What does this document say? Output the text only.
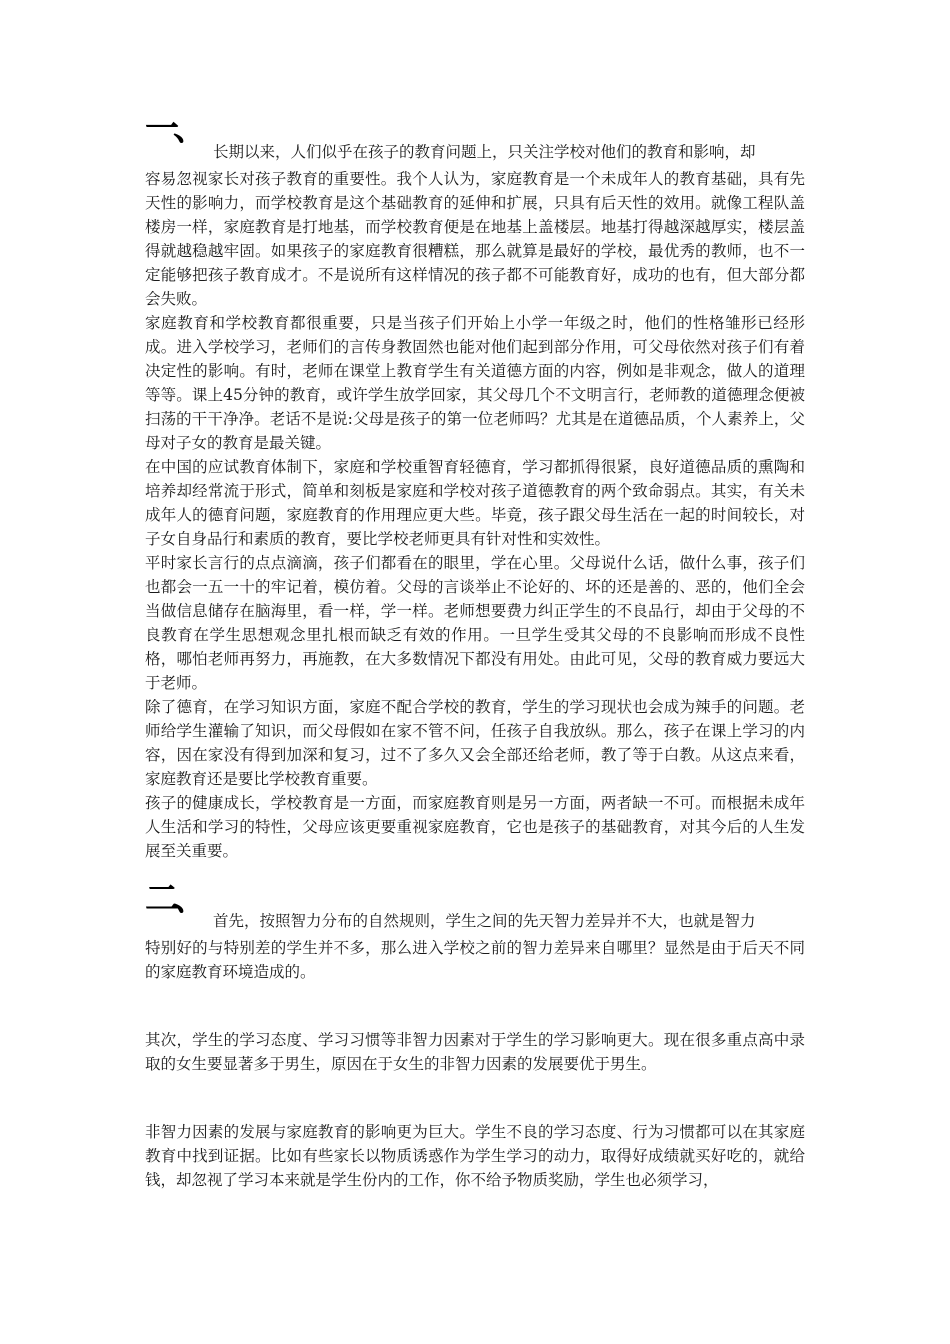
一、

长期以来，人们似乎在孩子的教育问题上，只关注学校对他们的教育和影响，却

容易忽视家长对孩子教育的重要性。我个人认为，家庭教育是一个未成年人的教育基础，具有先天性的影响力，而学校教育是这个基础教育的延伸和扩展，只具有后天性的效用。就像工程队盖楼房一样，家庭教育是打地基，而学校教育便是在地基上盖楼层。地基打得越深越厚实，楼层盖得就越稳越牢固。如果孩子的家庭教育很糟糕，那么就算是最好的学校，最优秀的教师，也不一定能够把孩子教育成才。不是说所有这样情况的孩子都不可能教育好，成功的也有，但大部分都会失败。

家庭教育和学校教育都很重要，只是当孩子们开始上小学一年级之时，他们的性格雏形已经形成。进入学校学习，老师们的言传身教固然也能对他们起到部分作用，可父母依然对孩子们有着决定性的影响。有时，老师在课堂上教育学生有关道德方面的内容，例如是非观念，做人的道理等等。课上45分钟的教育，或许学生放学回家，其父母几个不文明言行，老师教的道德理念便被扫荡的干干净净。老话不是说:父母是孩子的第一位老师吗？尤其是在道德品质，个人素养上，父母对子女的教育是最关键。

在中国的应试教育体制下，家庭和学校重智育轻德育，学习都抓得很紧，良好道德品质的熏陶和培养却经常流于形式，简单和刻板是家庭和学校对孩子道德教育的两个致命弱点。其实，有关未成年人的德育问题，家庭教育的作用理应更大些。毕竟，孩子跟父母生活在一起的时间较长，对子女自身品行和素质的教育，要比学校老师更具有针对性和实效性。

平时家长言行的点点滴滴，孩子们都看在的眼里，学在心里。父母说什么话，做什么事，孩子们也都会一五一十的牢记着，模仿着。父母的言谈举止不论好的、坏的还是善的、恶的，他们全会当做信息储存在脑海里，看一样，学一样。老师想要费力纠正学生的不良品行，却由于父母的不良教育在学生思想观念里扎根而缺乏有效的作用。一旦学生受其父母的不良影响而形成不良性格，哪怕老师再努力，再施教，在大多数情况下都没有用处。由此可见，父母的教育威力要远大于老师。

除了德育，在学习知识方面，家庭不配合学校的教育，学生的学习现状也会成为辣手的问题。老师给学生灌输了知识，而父母假如在家不管不问，任孩子自我放纵。那么，孩子在课上学习的内容，因在家没有得到加深和复习，过不了多久又会全部还给老师，教了等于白教。从这点来看，家庭教育还是要比学校教育重要。

孩子的健康成长，学校教育是一方面，而家庭教育则是另一方面，两者缺一不可。而根据未成年人生活和学习的特性，父母应该更要重视家庭教育，它也是孩子的基础教育，对其今后的人生发展至关重要。

二、

首先，按照智力分布的自然规则，学生之间的先天智力差异并不大，也就是智力

特别好的与特别差的学生并不多，那么进入学校之前的智力差异来自哪里？显然是由于后天不同的家庭教育环境造成的。

其次，学生的学习态度、学习习惯等非智力因素对于学生的学习影响更大。现在很多重点高中录取的女生要显著多于男生，原因在于女生的非智力因素的发展要优于男生。

非智力因素的发展与家庭教育的影响更为巨大。学生不良的学习态度、行为习惯都可以在其家庭教育中找到证据。比如有些家长以物质诱惑作为学生学习的动力，取得好成绩就买好吃的，就给钱，却忽视了学习本来就是学生份内的工作，你不给予物质奖励，学生也必须学习，
